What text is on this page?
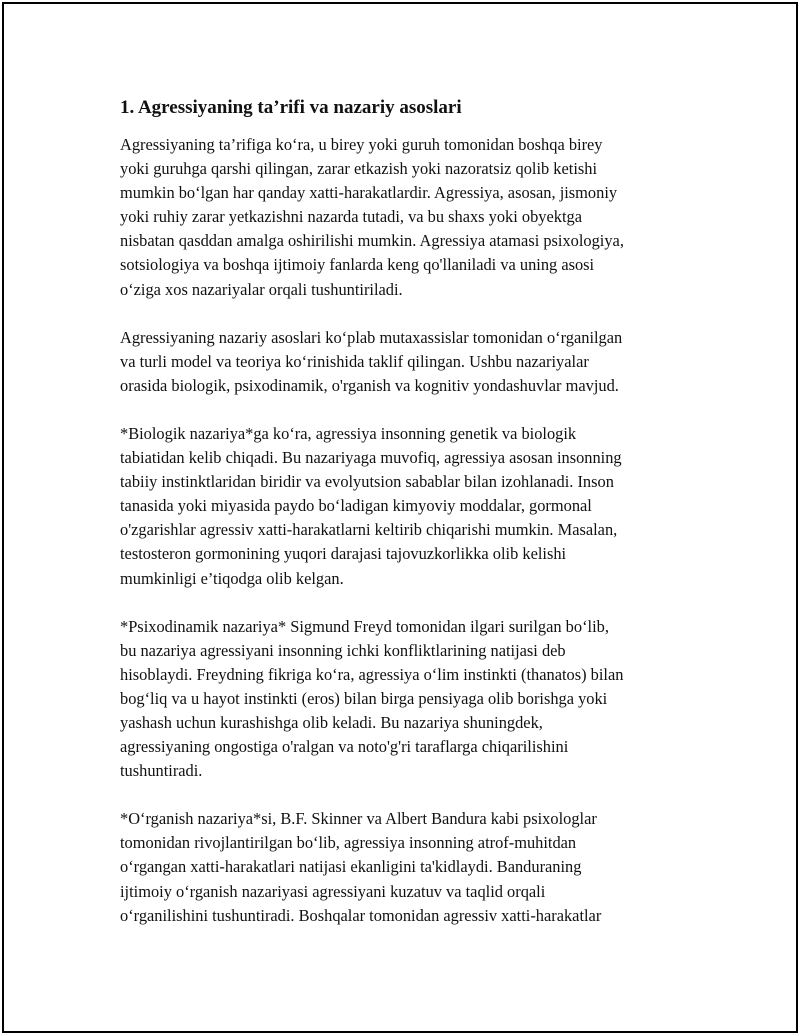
1. Agressiyaning ta’rifi va nazariy asoslari
Agressiyaning ta’rifiga ko‘ra, u birey yoki guruh tomonidan boshqa birey
yoki guruhga qarshi qilingan, zarar etkazish yoki nazoratsiz qolib ketishi
mumkin bo‘lgan har qanday xatti-harakatlardir. Agressiya, asosan, jismoniy
yoki ruhiy zarar yetkazishni nazarda tutadi, va bu shaxs yoki obyektga
nisbatan qasddan amalga oshirilishi mumkin. Agressiya atamasi psixologiya,
sotsiologiya va boshqa ijtimoiy fanlarda keng qo'llaniladi va uning asosi
o‘ziga xos nazariyalar orqali tushuntiriladi.
Agressiyaning nazariy asoslari ko‘plab mutaxassislar tomonidan o‘rganilgan
va turli model va teoriya ko‘rinishida taklif qilingan. Ushbu nazariyalar
orasida biologik, psixodinamik, o'rganish va kognitiv yondashuvlar mavjud.
*Biologik nazariya*ga ko‘ra, agressiya insonning genetik va biologik
tabiatidan kelib chiqadi. Bu nazariyaga muvofiq, agressiya asosan insonning
tabiiy instinktlaridan biridir va evolyutsion sabablar bilan izohlanadi. Inson
tanasida yoki miyasida paydo bo‘ladigan kimyoviy moddalar, gormonal
o'zgarishlar agressiv xatti-harakatlarni keltirib chiqarishi mumkin. Masalan,
testosteron gormonining yuqori darajasi tajovuzkorlikka olib kelishi
mumkinligi e’tiqodga olib kelgan.
*Psixodinamik nazariya* Sigmund Freyd tomonidan ilgari surilgan bo‘lib,
bu nazariya agressiyani insonning ichki konfliktlarining natijasi deb
hisoblaydi. Freydning fikriga ko‘ra, agressiya o‘lim instinkti (thanatos) bilan
bog‘liq va u hayot instinkti (eros) bilan birga pensiyaga olib borishga yoki
yashash uchun kurashishga olib keladi. Bu nazariya shuningdek,
agressiyaning ongostiga o'ralgan va noto'g'ri taraflarga chiqarilishini
tushuntiradi.
*O‘rganish nazariya*si, B.F. Skinner va Albert Bandura kabi psixologlar
tomonidan rivojlantirilgan bo‘lib, agressiya insonning atrof-muhitdan
o‘rgangan xatti-harakatlari natijasi ekanligini ta'kidlaydi. Banduraning
ijtimoiy o‘rganish nazariyasi agressiyani kuzatuv va taqlid orqali
o‘rganilishini tushuntiradi. Boshqalar tomonidan agressiv xatti-harakatlar
